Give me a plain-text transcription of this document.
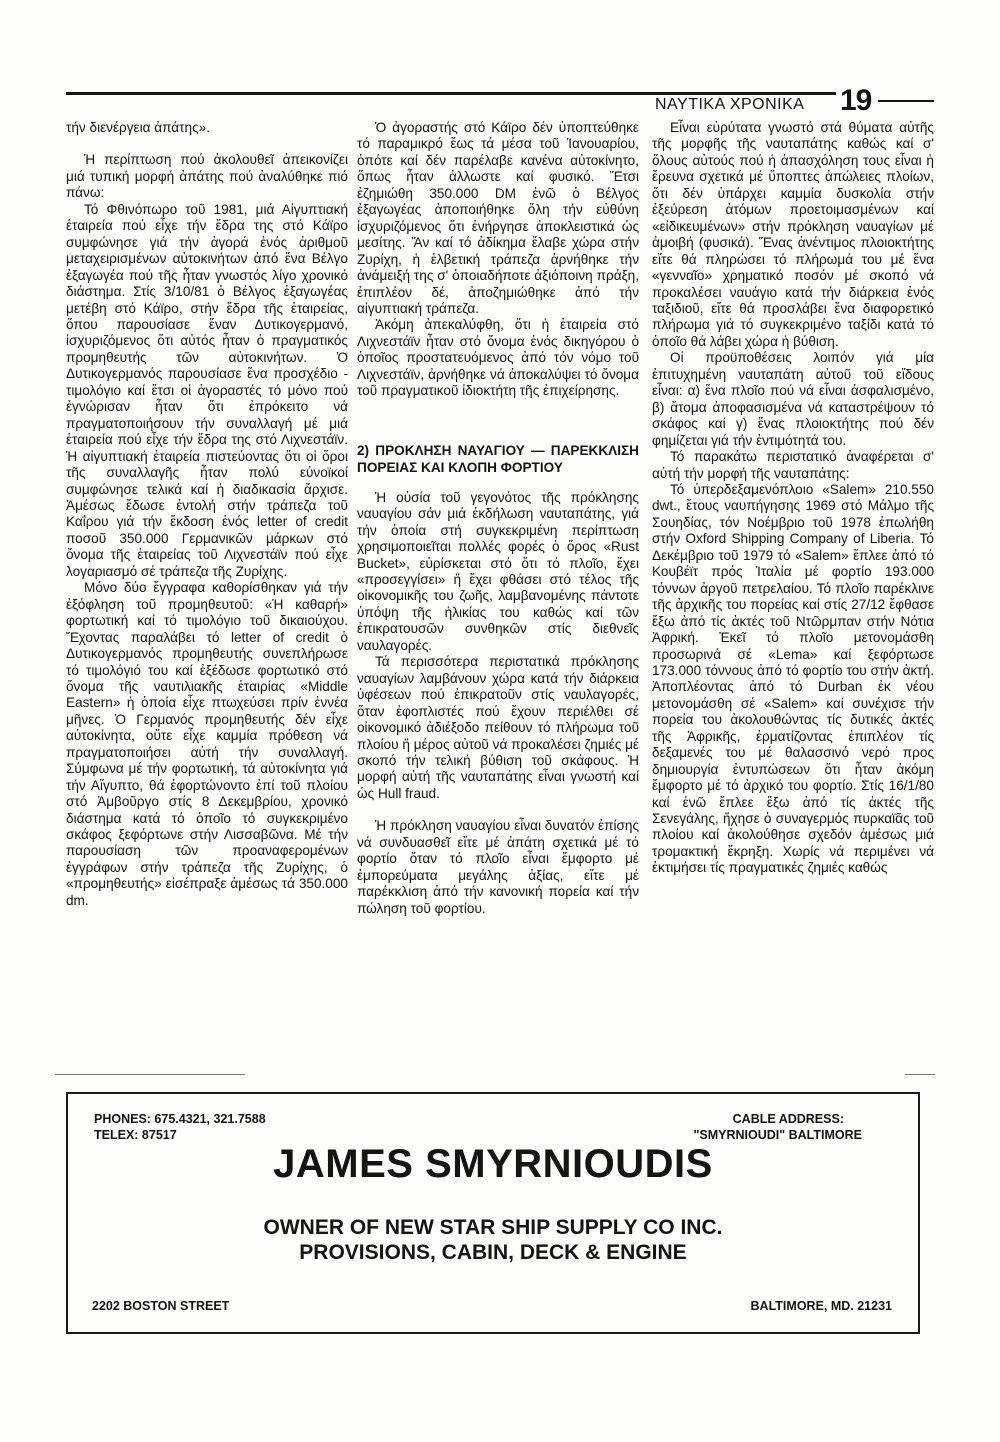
ΝΑΥΤΙΚΑ ΧΡΟΝΙΚΑ 19

τήν διενέργεια ἀπάτης».

Ἡ περίπτωση πού ἀκολουθεῖ ἀπεικονίζει μιά τυπική μορφή ἀπάτης πού ἀναλύθηκε πιό πάνω:

Τό Φθινόπωρο τοῦ 1981, μιά Αἰγυπτιακή ἑταιρεία πού εἶχε τήν ἕδρα της στό Κάϊρο συμφώνησε γιά τήν ἀγορά ἑνός ἀριθμοῦ μεταχειρισμένων αὐτοκινήτων ἀπό ἕνα Βέλγο ἐξαγωγέα πού τῆς ἦταν γνωστός λίγο χρονικό διάστημα. Στίς 3/10/81 ὁ Βέλγος ἐξαγωγέας μετέβη στό Κάϊρο, στήν ἕδρα τῆς ἑταιρείας, ὅπου παρουσίασε ἕναν Δυτικογερμανό, ἰσχυριζόμενος ὅτι αὐτός ἦταν ὁ πραγματικός προμηθευτής τῶν αὐτοκινήτων. Ὁ Δυτικογερμανός παρουσίασε ἕνα προσχέδιο - τιμολόγιο καί ἔτσι οἱ ἀγοραστές τό μόνο πού ἐγνώρισαν ἦταν ὅτι ἐπρόκειτο νά πραγματοποιήσουν τήν συναλλαγή μέ μιά ἑταιρεία πού εἶχε τήν ἕδρα της στό Λιχνεστάϊν. Ἡ αἰγυπτιακή ἑταιρεία πιστεύοντας ὅτι οἱ ὅροι τῆς συναλλαγῆς ἦταν πολύ εὐνοϊκοί συμφώνησε τελικά καί ἡ διαδικασία ἄρχισε. Ἀμέσως ἔδωσε ἐντολή στήν τράπεζα τοῦ Καΐρου γιά τήν ἔκδοση ἑνός letter of credit ποσοῦ 350.000 Γερμανικῶν μάρκων στό ὄνομα τῆς ἑταιρείας τοῦ Λιχνεστάϊν πού εἶχε λογαριασμό σέ τράπεζα τῆς Ζυρίχης.

Μόνο δύο ἔγγραφα καθορίσθηκαν γιά τήν ἐξόφληση τοῦ προμηθευτοῦ: «Ἡ καθαρή» φορτωτική καί τό τιμολόγιο τοῦ δικαιούχου. Ἔχοντας παραλάβει τό letter of credit ὁ Δυτικογερμανός προμηθευτής συνεπλήρωσε τό τιμολόγιό του καί ἐξέδωσε φορτωτικό στό ὄνομα τῆς ναυτιλιακῆς ἑταιρίας «Middle Eastern» ἡ ὁποία εἶχε πτωχεύσει πρίν ἐννέα μῆνες. Ὁ Γερμανός προμηθευτής δέν εἶχε αὐτοκίνητα, οὔτε εἶχε καμμία πρόθεση νά πραγματοποιήσει αὐτή τήν συναλλαγή. Σύμφωνα μέ τήν φορτωτική, τά αὐτοκίνητα γιά τήν Αἴγυπτο, θά ἐφορτώνοντο ἐπί τοῦ πλοίου στό Ἀμβοῦργο στίς 8 Δεκεμβρίου, χρονικό διάστημα κατά τό ὁποῖο τό συγκεκριμένο σκάφος ξεφόρτωνε στήν Λισσαβῶνα. Μέ τήν παρουσίαση τῶν προαναφερομένων ἐγγράφων στήν τράπεζα τῆς Ζυρίχης, ὁ «προμηθευτής» εἰσέπραξε ἀμέσως τά 350.000 dm.

Ὁ ἀγοραστής στό Κάϊρο δέν ὑποπτεύθηκε τό παραμικρό ἕως τά μέσα τοῦ Ἰανουαρίου, ὁπότε καί δέν παρέλαβε κανένα αὐτοκίνητο, ὅπως ἦταν ἀλλωστε καί φυσικό. Ἔτσι ἐζημιώθη 350.000 DM ἐνῶ ὁ Βέλγος ἐξαγωγέας ἀποποιήθηκε ὅλη τήν εὐθύνη ἰσχυριζόμενος ὅτι ἐνήργησε ἀποκλειστικά ὡς μεσίτης. Ἄν καί τό ἀδίκημα ἔλαβε χώρα στήν Ζυρίχη, ἡ ἑλβετική τράπεζα ἀρνήθηκε τήν ἀνάμειξή της σ' ὁποιαδήποτε ἀξιόποινη πράξη, ἐπιπλέον δέ, ἀποζημιώθηκε ἀπό τήν αἰγυπτιακή τράπεζα.

Ἀκόμη ἀπεκαλύφθη, ὅτι ἡ ἑταιρεία στό Λιχνεστάϊν ἦταν στό ὄνομα ἑνός δικηγόρου ὁ ὁποῖος προστατευόμενος ἀπό τόν νόμο τοῦ Λιχνεστάϊν, ἀρνήθηκε νά ἀποκαλύψει τό ὄνομα τοῦ πραγματικοῦ ἰδιοκτήτη τῆς ἐπιχείρησης.

2) ΠΡΟΚΛΗΣΗ ΝΑΥΑΓΙΟΥ — ΠΑΡΕΚΚΛΙΣΗ ΠΟΡΕΙΑΣ ΚΑΙ ΚΛΟΠΗ ΦΟΡΤΙΟΥ

Ἡ οὐσία τοῦ γεγονότος τῆς πρόκλησης ναυαγίου σάν μιά ἐκδήλωση ναυταπάτης, γιά τήν ὁποία στή συγκεκριμένη περίπτωση χρησιμοποιεῖται πολλές φορές ὁ ὅρος «Rust Bucket», εὑρίσκεται στό ὅτι τό πλοῖο, ἔχει «προσεγγίσει» ἤ ἔχει φθάσει στό τέλος τῆς οἰκονομικῆς του ζωῆς, λαμβανομένης πάντοτε ὑπόψη τῆς ἡλικίας του καθώς καί τῶν ἐπικρατουσῶν συνθηκῶν στίς διεθνεῖς ναυλαγορές.

Τά περισσότερα περιστατικά πρόκλησης ναυαγίων λαμβάνουν χώρα κατά τήν διάρκεια ὑφέσεων πού ἐπικρατοῦν στίς ναυλαγορές, ὅταν ἐφοπλιστές πού ἔχουν περιέλθει σέ οἰκονομικό ἀδιέξοδο πείθουν τό πλήρωμα τοῦ πλοίου ἤ μέρος αὐτοῦ νά προκαλέσει ζημιές μέ σκοπό τήν τελική βύθιση τοῦ σκάφους. Ἡ μορφή αὐτή τῆς ναυταπάτης εἶναι γνωστή καί ὡς Hull fraud.

Ἡ πρόκληση ναυαγίου εἶναι δυνατόν ἐπίσης νά συνδυασθεῖ εἴτε μέ ἀπάτη σχετικά μέ τό φορτίο ὅταν τό πλοῖο εἶναι ἔμφορτο μέ ἐμπορεύματα μεγάλης ἀξίας, εἴτε μέ παρέκκλιση ἀπό τήν κανονική πορεία καί τήν πώληση τοῦ φορτίου.

Εἶναι εὐρύτατα γνωστό στά θύματα αὐτῆς τῆς μορφῆς τῆς ναυταπάτης καθώς καί σ' ὅλους αὐτούς πού ἡ ἀπασχόληση τους εἶναι ἡ ἔρευνα σχετικά μέ ὕποπτες ἀπώλειες πλοίων, ὅτι δέν ὑπάρχει καμμία δυσκολία στήν ἐξεύρεση ἀτόμων προετοιμασμένων καί «εἰδικευμένων» στήν πρόκληση ναυαγίων μέ ἀμοιβή (φυσικά). Ἕνας ἀνέντιμος πλοιοκτήτης εἴτε θά πληρώσει τό πλήρωμά του μέ ἕνα «γενναῖο» χρηματικό ποσόν μέ σκοπό νά προκαλέσει ναυάγιο κατά τήν διάρκεια ἑνός ταξιδιοῦ, εἴτε θά προσλάβει ἕνα διαφορετικό πλήρωμα γιά τό συγκεκριμένο ταξίδι κατά τό ὁποῖο θά λάβει χώρα ἡ βύθιση.

Οἱ προϋποθέσεις λοιπόν γιά μία ἐπιτυχημένη ναυταπάτη αὐτοῦ τοῦ εἴδους εἶναι: α) ἕνα πλοῖο πού νά εἶναι ἀσφαλισμένο, β) ἄτομα ἀποφασισμένα νά καταστρέψουν τό σκάφος καί γ) ἕνας πλοιοκτήτης πού δέν φημίζεται γιά τήν ἐντιμότητά του.

Τό παρακάτω περιστατικό ἀναφέρεται σ' αὐτή τήν μορφή τῆς ναυταπάτης:

Τό ὑπερδεξαμενόπλοιο «Salem» 210.550 dwt., ἔτους ναυπήγησης 1969 στό Μάλμο τῆς Σουηδίας, τόν Νοέμβριο τοῦ 1978 ἐπωλήθη στήν Oxford Shipping Company of Liberia. Τό Δεκέμβριο τοῦ 1979 τό «Salem» ἔπλεε ἀπό τό Κουβέϊτ πρός Ἰταλία μέ φορτίο 193.000 τόννων ἀργοῦ πετρελαίου. Τό πλοῖο παρέκλινε τῆς ἀρχικῆς του πορείας καί στίς 27/12 ἔφθασε ἔξω ἀπό τίς ἀκτές τοῦ Ντῶρμπαν στήν Νότια Ἀφρική. Ἐκεῖ τό πλοῖο μετονομάσθη προσωρινά σέ «Lema» καί ξεφόρτωσε 173.000 τόννους ἀπό τό φορτίο του στήν ἀκτή. Ἀποπλέοντας ἀπό τό Durban ἐκ νέου μετονομάσθη σέ «Salem» καί συνέχισε τήν πορεία του ἀκολουθώντας τίς δυτικές ἀκτές τῆς Ἀφρικῆς, ἐρματίζοντας ἐπιπλέον τίς δεξαμενές του μέ θαλασσινό νερό προς δημιουργία ἐντυπώσεων ὅτι ἦταν ἀκόμη ἔμφορτο μέ τό ἀρχικό του φορτίο. Στίς 16/1/80 καί ἐνῶ ἔπλεε ἔξω ἀπό τίς ἀκτές τῆς Σενεγάλης, ἤχησε ὁ συναγερμός πυρκαϊᾶς τοῦ πλοίου καί ἀκολούθησε σχεδόν ἀμέσως μιά τρομακτική ἔκρηξη. Χωρίς νά περιμένει νά ἐκτιμήσει τίς πραγματικές ζημιές καθώς

PHONES: 675.4321, 321.7588
TELEX: 87517
CABLE ADDRESS:
"SMYRNIOUDI" BALTIMORE
JAMES SMYRNIOUDIS
OWNER OF NEW STAR SHIP SUPPLY CO INC.
PROVISIONS, CABIN, DECK & ENGINE
2202 BOSTON STREET	BALTIMORE, MD. 21231
